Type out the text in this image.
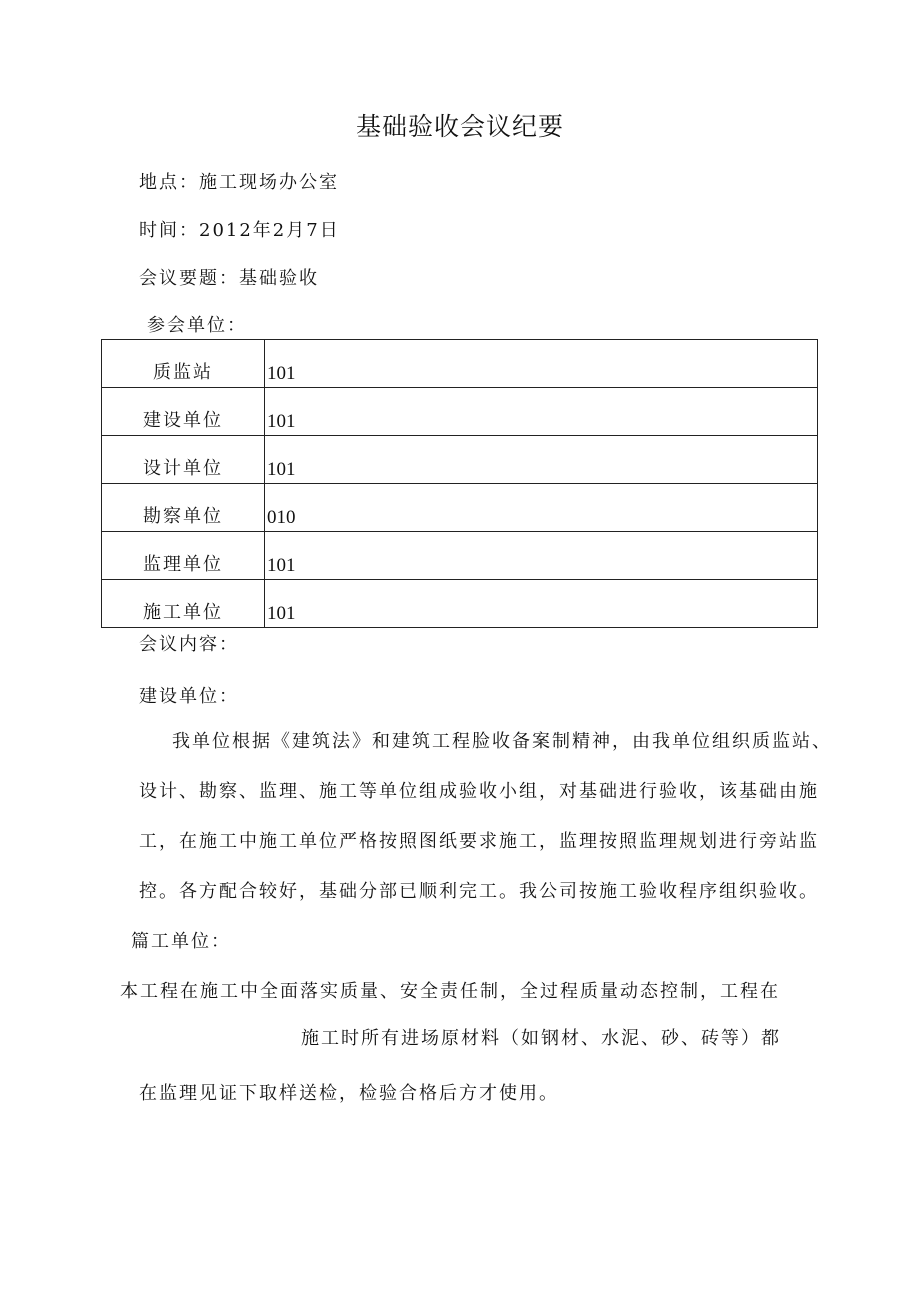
基础验收会议纪要
地点：施工现场办公室
时间：2012年2月7日
会议要题：基础验收
参会单位：
质监站	101
建设单位	101
设计单位	101
勘察单位	010
监理单位	101
施工单位	101
会议内容：
建设单位：
我单位根据《建筑法》和建筑工程脸收备案制精神，由我单位组织质监站、
设计、勘察、监理、施工等单位组成验收小组，对基础进行验收，该基础由施
工，在施工中施工单位严格按照图纸要求施工，监理按照监理规划进行旁站监
控。各方配合较好，基础分部已顺利完工。我公司按施工验收程序组织验收。
篇工单位：
本工程在施工中全面落实质量、安全责任制，全过程质量动态控制，工程在
施工时所有进场原材料（如钢材、水泥、砂、砖等）都
在监理见证下取样送检，检验合格后方才使用。
